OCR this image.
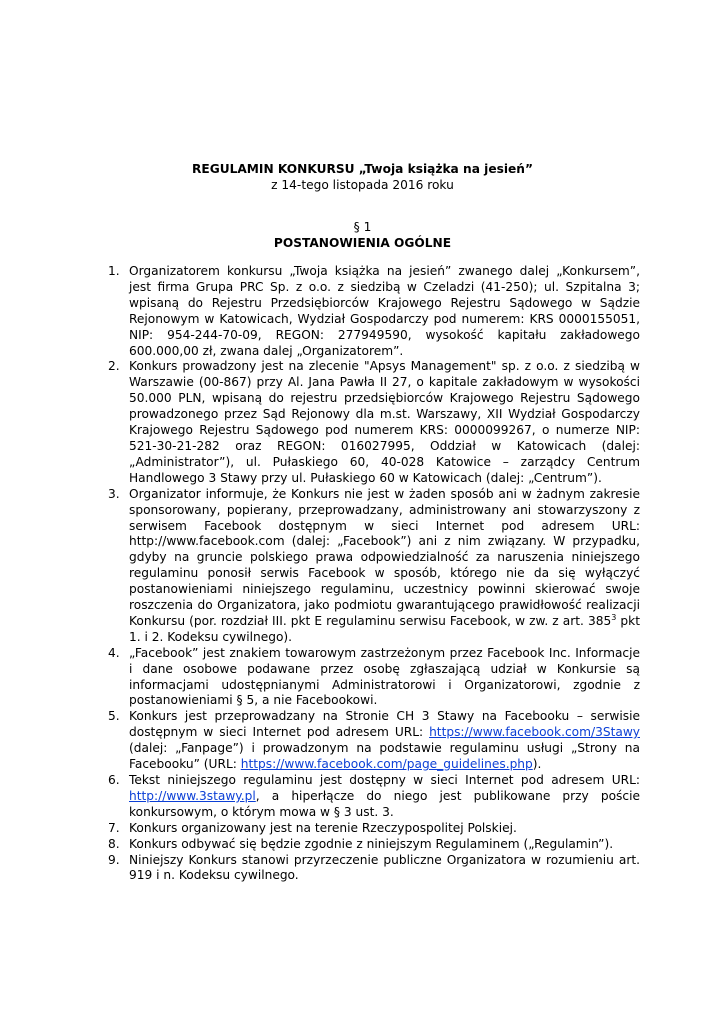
REGULAMIN KONKURSU „Twoja książka na jesień”
z 14-tego listopada 2016 roku
§ 1
POSTANOWIENIA OGÓLNE
1. Organizatorem konkursu „Twoja książka na jesień” zwanego dalej „Konkursem”, jest firma Grupa PRC Sp. z o.o. z siedzibą w Czeladzi (41-250); ul. Szpitalna 3; wpisaną do Rejestru Przedsiębiorców Krajowego Rejestru Sądowego w Sądzie Rejonowym w Katowicach, Wydział Gospodarczy pod numerem: KRS 0000155051, NIP: 954-244-70-09, REGON: 277949590, wysokość kapitału zakładowego 600.000,00 zł, zwana dalej „Organizatorem”.
2. Konkurs prowadzony jest na zlecenie "Apsys Management" sp. z o.o. z siedzibą w Warszawie (00-867) przy Al. Jana Pawła II 27, o kapitale zakładowym w wysokości 50.000 PLN, wpisaną do rejestru przedsiębiorców Krajowego Rejestru Sądowego prowadzonego przez Sąd Rejonowy dla m.st. Warszawy, XII Wydział Gospodarczy Krajowego Rejestru Sądowego pod numerem KRS: 0000099267, o numerze NIP: 521-30-21-282 oraz REGON: 016027995, Oddział w Katowicach (dalej: „Administrator”), ul. Pułaskiego 60, 40-028 Katowice – zarządcy Centrum Handlowego 3 Stawy przy ul. Pułaskiego 60 w Katowicach (dalej: „Centrum”).
3. Organizator informuje, że Konkurs nie jest w żaden sposób ani w żadnym zakresie sponsorowany, popierany, przeprowadzany, administrowany ani stowarzyszony z serwisem Facebook dostępnym w sieci Internet pod adresem URL: http://www.facebook.com (dalej: „Facebook”) ani z nim związany. W przypadku, gdyby na gruncie polskiego prawa odpowiedzialność za naruszenia niniejszego regulaminu ponosił serwis Facebook w sposób, którego nie da się wyłączyć postanowieniami niniejszego regulaminu, uczestnicy powinni skierować swoje roszczenia do Organizatora, jako podmiotu gwarantującego prawidłowość realizacji Konkursu (por. rozdział III. pkt E regulaminu serwisu Facebook, w zw. z art. $385^3$ pkt 1. i 2. Kodeksu cywilnego).
4. „Facebook” jest znakiem towarowym zastrzeżonym przez Facebook Inc. Informacje i dane osobowe podawane przez osobę zgłaszającą udział w Konkursie są informacjami udostępnianymi Administratorowi i Organizatorowi, zgodnie z postanowieniami § 5, a nie Facebookowi.
5. Konkurs jest przeprowadzany na Stronie CH 3 Stawy na Facebooku – serwisie dostępnym w sieci Internet pod adresem URL: https://www.facebook.com/3Stawy (dalej: „Fanpage”) i prowadzonym na podstawie regulaminu usługi „Strony na Facebooku” (URL: https://www.facebook.com/page_guidelines.php).
6. Tekst niniejszego regulaminu jest dostępny w sieci Internet pod adresem URL: http://www.3stawy.pl, a hiperłącze do niego jest publikowane przy poście konkursowym, o którym mowa w § 3 ust. 3.
7. Konkurs organizowany jest na terenie Rzeczypospolitej Polskiej.
8. Konkurs odbywać się będzie zgodnie z niniejszym Regulaminem („Regulamin”).
9. Niniejszy Konkurs stanowi przyrzeczenie publiczne Organizatora w rozumieniu art. 919 i n. Kodeksu cywilnego.
